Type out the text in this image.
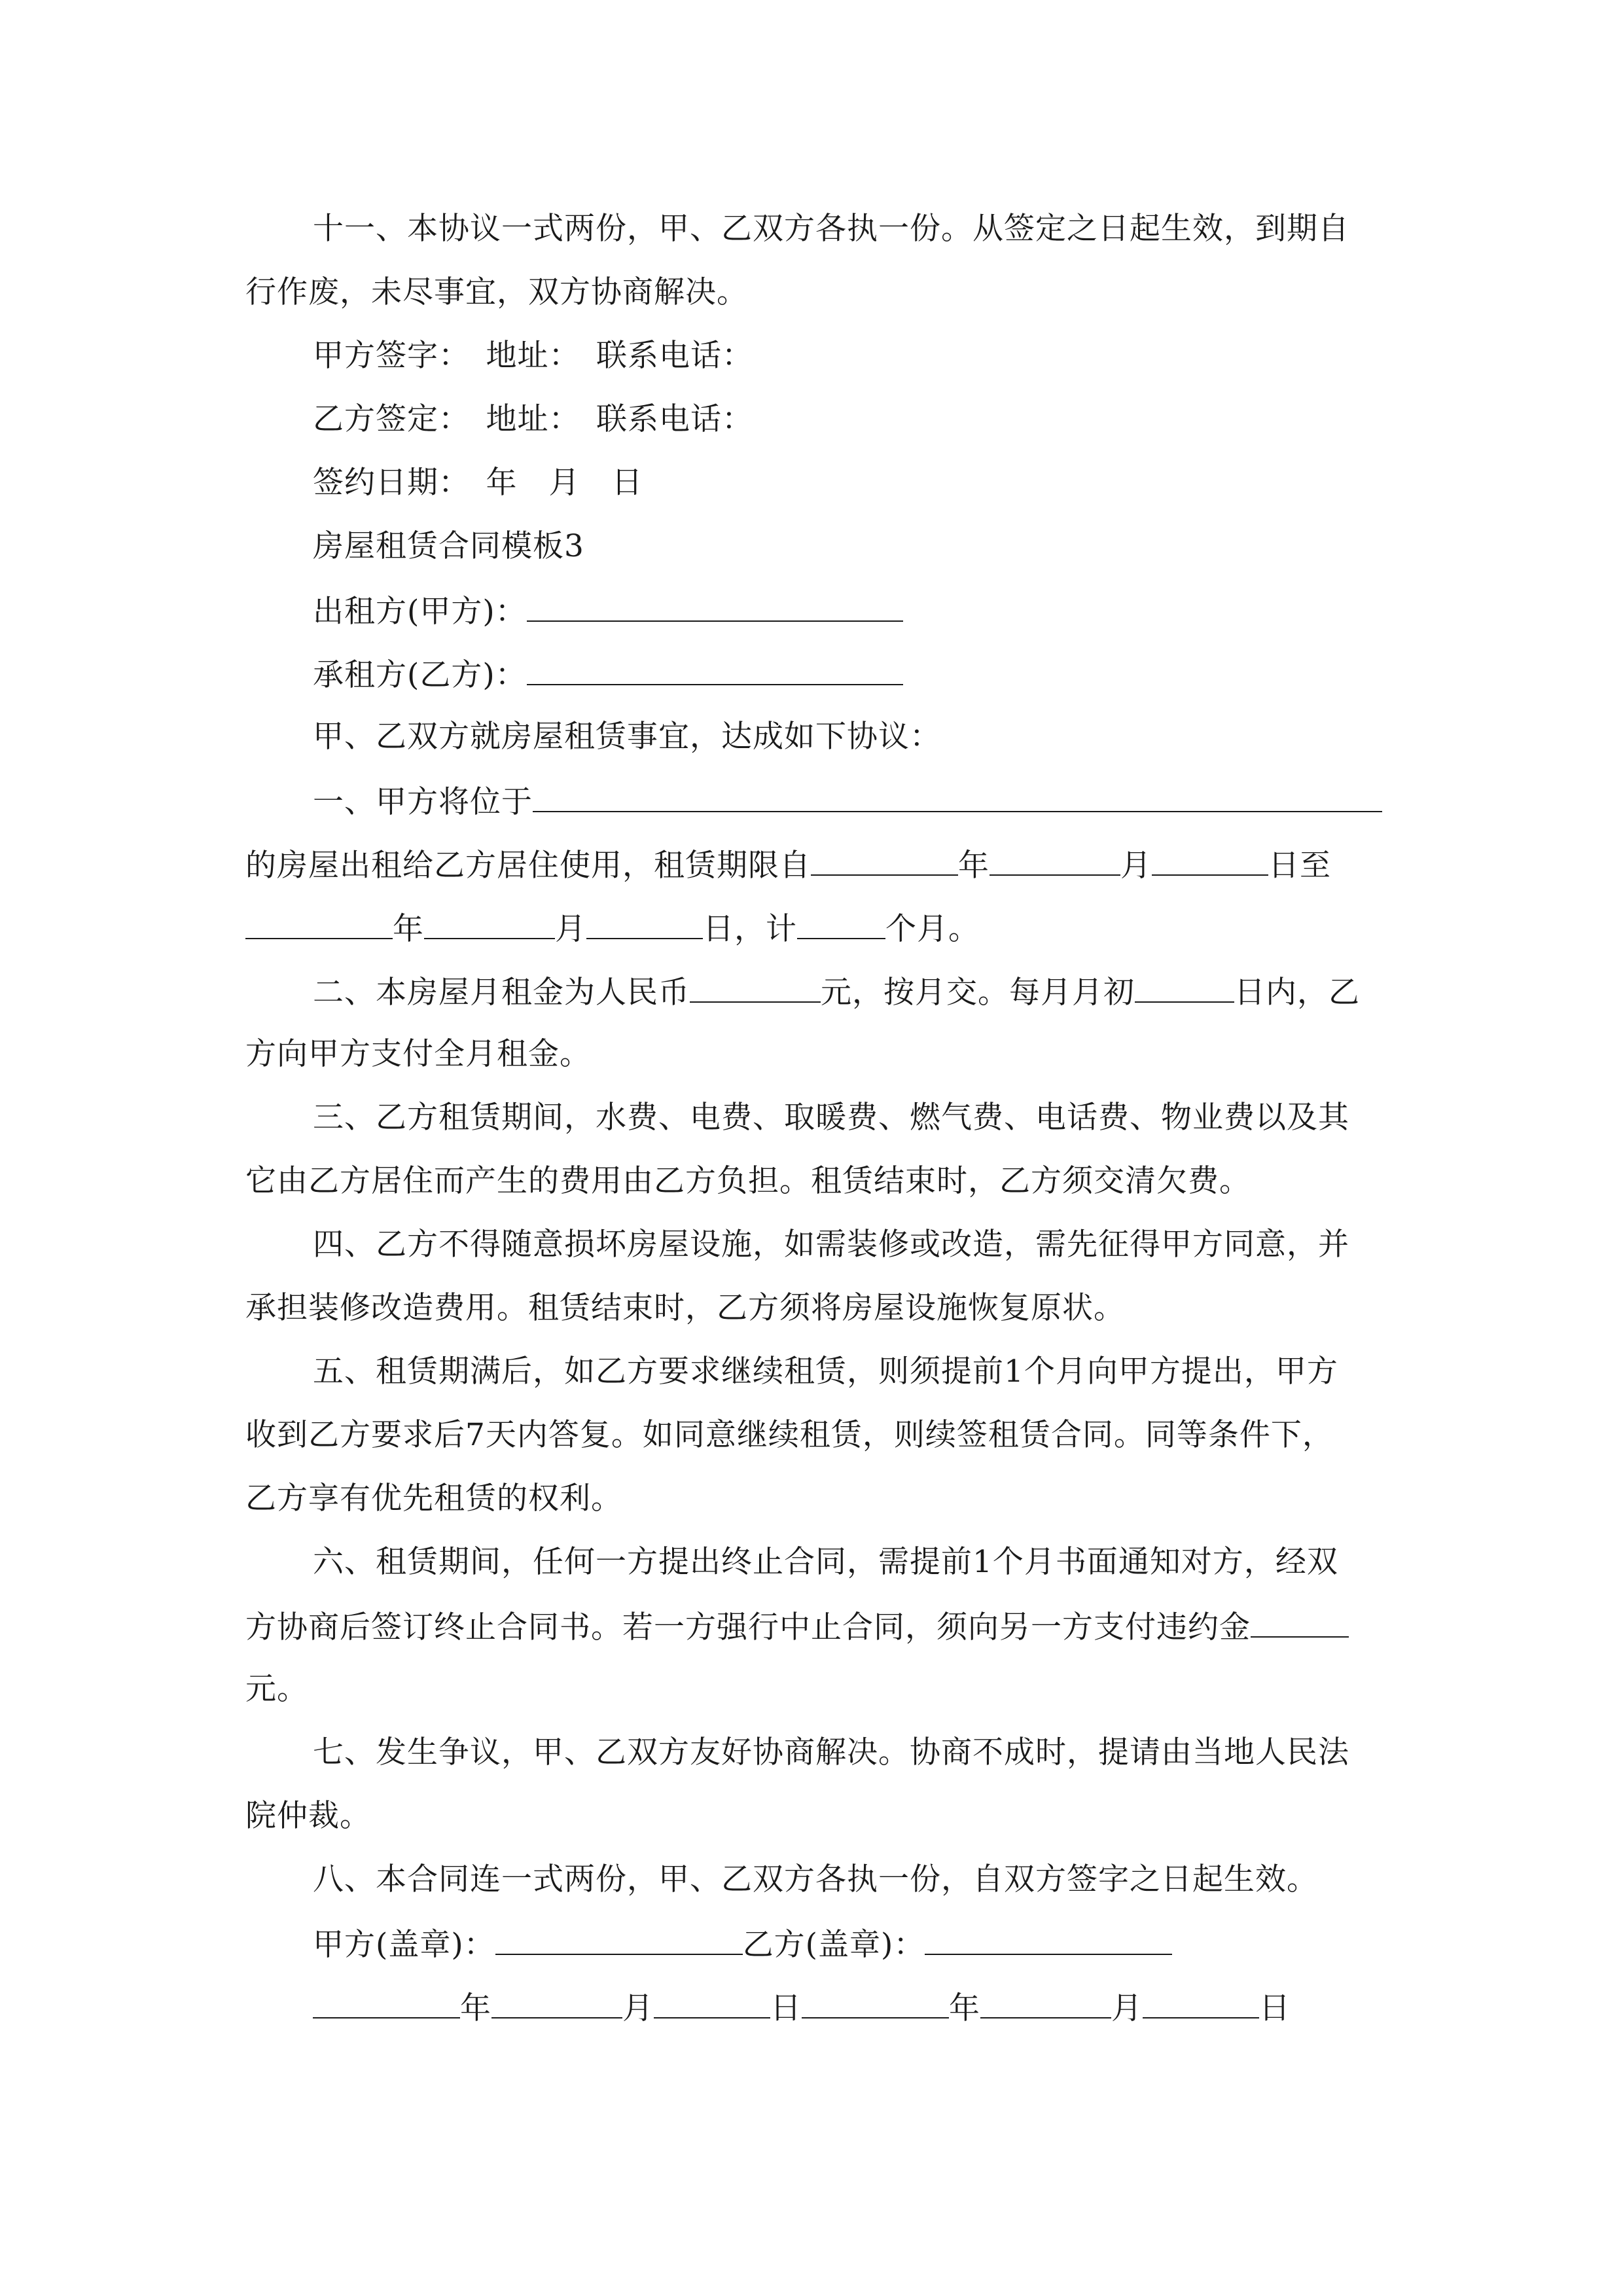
十一、本协议一式两份，甲、乙双方各执一份。从签定之日起生效，到期自
行作废，未尽事宜，双方协商解决。
甲方签字：　地址：　联系电话：
乙方签定：　地址：　联系电话：
签约日期：　年　月　日
房屋租赁合同模板3
出租方(甲方)：
承租方(乙方)：
甲、乙双方就房屋租赁事宜，达成如下协议：
一、甲方将位于
的房屋出租给乙方居住使用，租赁期限自	年	月	日至
年	月	日，计	个月。
二、本房屋月租金为人民币	元，按月交。每月月初	日内，乙
方向甲方支付全月租金。
三、乙方租赁期间，水费、电费、取暖费、燃气费、电话费、物业费以及其
它由乙方居住而产生的费用由乙方负担。租赁结束时，乙方须交清欠费。
四、乙方不得随意损坏房屋设施，如需装修或改造，需先征得甲方同意，并
承担装修改造费用。租赁结束时，乙方须将房屋设施恢复原状。
五、租赁期满后，如乙方要求继续租赁，则须提前1个月向甲方提出，甲方
收到乙方要求后7天内答复。如同意继续租赁，则续签租赁合同。同等条件下，
乙方享有优先租赁的权利。
六、租赁期间，任何一方提出终止合同，需提前1个月书面通知对方，经双
方协商后签订终止合同书。若一方强行中止合同，须向另一方支付违约金
元。
七、发生争议，甲、乙双方友好协商解决。协商不成时，提请由当地人民法
院仲裁。
八、本合同连一式两份，甲、乙双方各执一份，自双方签字之日起生效。
甲方(盖章)：	乙方(盖章)：
年	月	日	年	月	日
